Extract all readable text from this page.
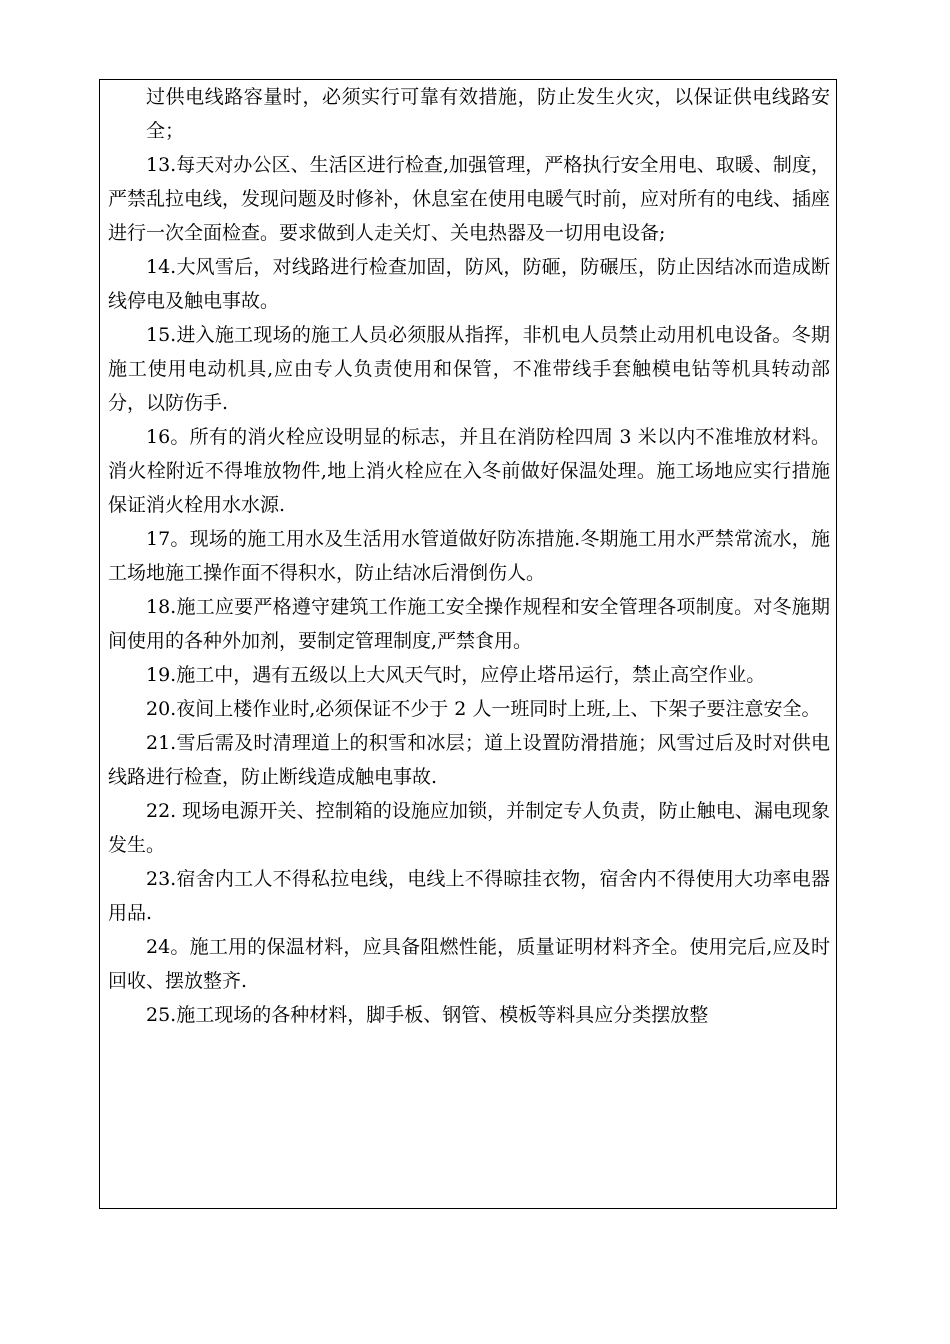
过供电线路容量时，必须实行可靠有效措施，防止发生火灾，以保证供电线路安全；

13.每天对办公区、生活区进行检查,加强管理，严格执行安全用电、取暖、制度，严禁乱拉电线，发现问题及时修补，休息室在使用电暖气时前，应对所有的电线、插座进行一次全面检查。要求做到人走关灯、关电热器及一切用电设备;

14.大风雪后，对线路进行检查加固，防风，防砸，防碾压，防止因结冰而造成断线停电及触电事故。

15.进入施工现场的施工人员必须服从指挥，非机电人员禁止动用机电设备。冬期施工使用电动机具,应由专人负责使用和保管，不准带线手套触模电钻等机具转动部分，以防伤手.

16。所有的消火栓应设明显的标志，并且在消防栓四周 3 米以内不准堆放材料。消火栓附近不得堆放物件,地上消火栓应在入冬前做好保温处理。施工场地应实行措施保证消火栓用水水源.

17。现场的施工用水及生活用水管道做好防冻措施.冬期施工用水严禁常流水，施工场地施工操作面不得积水，防止结冰后滑倒伤人。

18.施工应要严格遵守建筑工作施工安全操作规程和安全管理各项制度。对冬施期间使用的各种外加剂，要制定管理制度,严禁食用。

19.施工中，遇有五级以上大风天气时，应停止塔吊运行，禁止高空作业。

20.夜间上楼作业时,必须保证不少于 2 人一班同时上班,上、下架子要注意安全。

21.雪后需及时清理道上的积雪和冰层；道上设置防滑措施；风雪过后及时对供电线路进行检查，防止断线造成触电事故.

22. 现场电源开关、控制箱的设施应加锁，并制定专人负责，防止触电、漏电现象发生。

23.宿舍内工人不得私拉电线，电线上不得晾挂衣物，宿舍内不得使用大功率电器用品.

24。施工用的保温材料，应具备阻燃性能，质量证明材料齐全。使用完后,应及时回收、摆放整齐.

25.施工现场的各种材料，脚手板、钢管、模板等料具应分类摆放整
